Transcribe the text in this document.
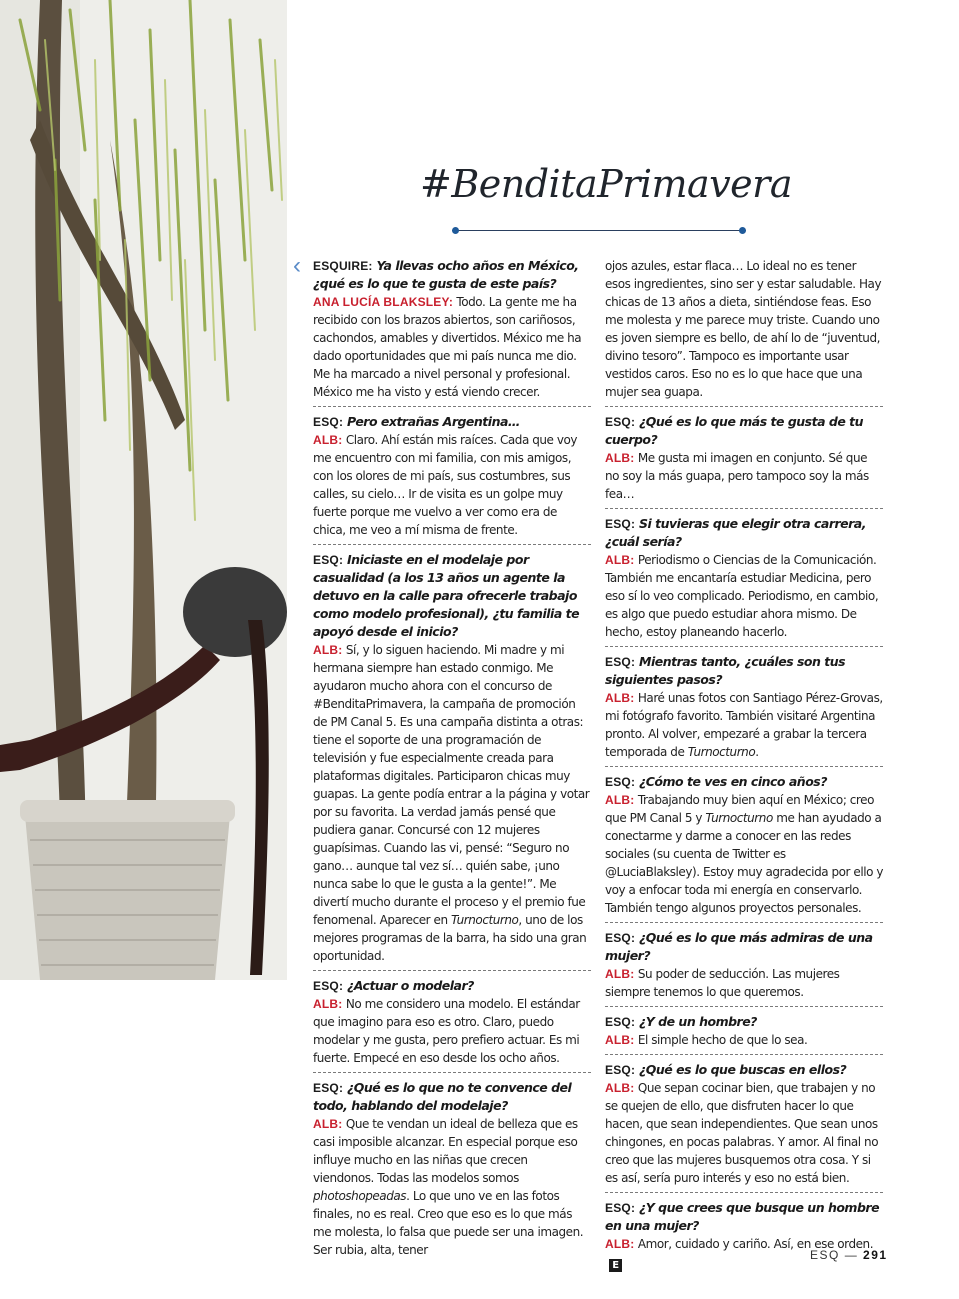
#BenditaPrimavera
‹ ESQUIRE: Ya llevas ocho años en México, ¿qué es lo que te gusta de este país?
ANA LUCÍA BLAKSLEY: Todo. La gente me ha recibido con los brazos abiertos, son cariñosos, cachondos, amables y divertidos. México me ha dado oportunidades que mi país nunca me dio. Me ha marcado a nivel personal y profesional. México me ha visto y está viendo crecer.
ESQ: Pero extrañas Argentina…
ALB: Claro. Ahí están mis raíces. Cada que voy me encuentro con mi familia, con mis amigos, con los olores de mi país, sus costumbres, sus calles, su cielo… Ir de visita es un golpe muy fuerte porque me vuelvo a ver como era de chica, me veo a mí misma de frente.
ESQ: Iniciaste en el modelaje por casualidad (a los 13 años un agente la detuvo en la calle para ofrecerle trabajo como modelo profesional), ¿tu familia te apoyó desde el inicio?
ALB: Sí, y lo siguen haciendo. Mi madre y mi hermana siempre han estado conmigo. Me ayudaron mucho ahora con el concurso de #BenditaPrimavera, la campaña de promoción de PM Canal 5. Es una campaña distinta a otras: tiene el soporte de una programación de televisión y fue especialmente creada para plataformas digitales. Participaron chicas muy guapas. La gente podía entrar a la página y votar por su favorita. La verdad jamás pensé que pudiera ganar. Concursé con 12 mujeres guapísimas. Cuando las vi, pensé: “Seguro no gano… aunque tal vez sí… quién sabe, ¡uno nunca sabe lo que le gusta a la gente!”. Me divertí mucho durante el proceso y el premio fue fenomenal. Aparecer en Turnocturno, uno de los mejores programas de la barra, ha sido una gran oportunidad.
ESQ: ¿Actuar o modelar?
ALB: No me considero una modelo. El estándar que imagino para eso es otro. Claro, puedo modelar y me gusta, pero prefiero actuar. Es mi fuerte. Empecé en eso desde los ocho años.
ESQ: ¿Qué es lo que no te convence del todo, hablando del modelaje?
ALB: Que te vendan un ideal de belleza que es casi imposible alcanzar. En especial porque eso influye mucho en las niñas que crecen viendonos. Todas las modelos somos photoshopeadas. Lo que uno ve en las fotos finales, no es real. Creo que eso es lo que más me molesta, lo falsa que puede ser una imagen. Ser rubia, alta, tener
ojos azules, estar flaca… Lo ideal no es tener esos ingredientes, sino ser y estar saludable. Hay chicas de 13 años a dieta, sintiéndose feas. Eso me molesta y me parece muy triste. Cuando uno es joven siempre es bello, de ahí lo de “juventud, divino tesoro”. Tampoco es importante usar vestidos caros. Eso no es lo que hace que una mujer sea guapa.
ESQ: ¿Qué es lo que más te gusta de tu cuerpo?
ALB: Me gusta mi imagen en conjunto. Sé que no soy la más guapa, pero tampoco soy la más fea…
ESQ: Si tuvieras que elegir otra carrera, ¿cuál sería?
ALB: Periodismo o Ciencias de la Comunicación. También me encantaría estudiar Medicina, pero eso sí lo veo complicado. Periodismo, en cambio, es algo que puedo estudiar ahora mismo. De hecho, estoy planeando hacerlo.
ESQ: Mientras tanto, ¿cuáles son tus siguientes pasos?
ALB: Haré unas fotos con Santiago Pérez-Grovas, mi fotógrafo favorito. También visitaré Argentina pronto. Al volver, empezaré a grabar la tercera temporada de Turnocturno.
ESQ: ¿Cómo te ves en cinco años?
ALB: Trabajando muy bien aquí en México; creo que PM Canal 5 y Turnocturno me han ayudado a conectarme y darme a conocer en las redes sociales (su cuenta de Twitter es @LuciaBlaksley). Estoy muy agradecida por ello y voy a enfocar toda mi energía en conservarlo. También tengo algunos proyectos personales.
ESQ: ¿Qué es lo que más admiras de una mujer?
ALB: Su poder de seducción. Las mujeres siempre tenemos lo que queremos.
ESQ: ¿Y de un hombre?
ALB: El simple hecho de que lo sea.
ESQ: ¿Qué es lo que buscas en ellos?
ALB: Que sepan cocinar bien, que trabajen y no se quejen de ello, que disfruten hacer lo que hacen, que sean independientes. Que sean unos chingones, en pocas palabras. Y amor. Al final no creo que las mujeres busquemos otra cosa. Y si es así, sería puro interés y eso no está bien.
ESQ: ¿Y que crees que busque un hombre en una mujer?
ALB: Amor, cuidado y cariño. Así, en ese orden.E
ESQ — 291
